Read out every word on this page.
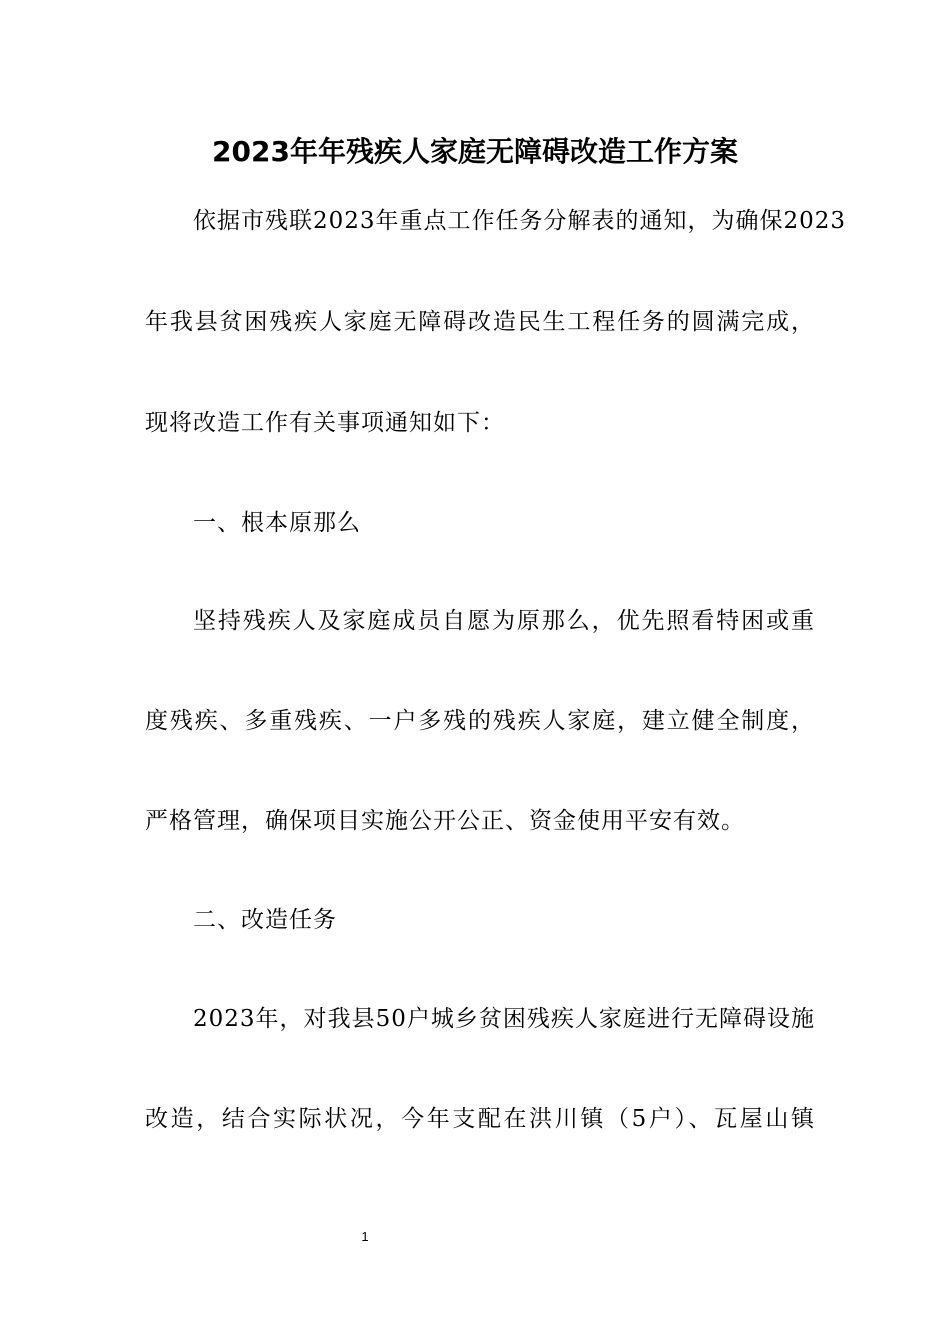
2023年年残疾人家庭无障碍改造工作方案
依据市残联2023年重点工作任务分解表的通知，为确保2023
年我县贫困残疾人家庭无障碍改造民生工程任务的圆满完成，
现将改造工作有关事项通知如下：
一、根本原那么
坚持残疾人及家庭成员自愿为原那么，优先照看特困或重
度残疾、多重残疾、一户多残的残疾人家庭，建立健全制度，
严格管理，确保项目实施公开公正、资金使用平安有效。
二、改造任务
2023年，对我县50户城乡贫困残疾人家庭进行无障碍设施
改造，结合实际状况，今年支配在洪川镇（5户）、瓦屋山镇
1
